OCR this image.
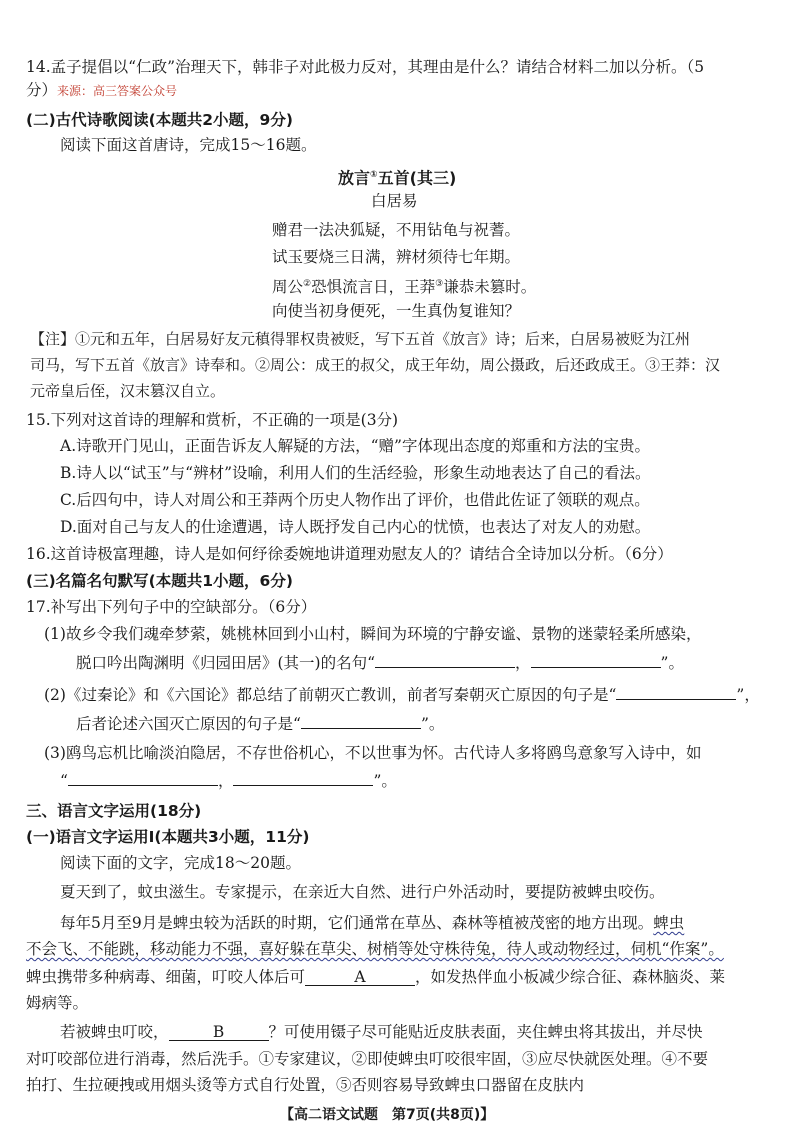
14.孟子提倡以“仁政”治理天下，韩非子对此极力反对，其理由是什么？请结合材料二加以分析。（5
分）来源：高三答案公众号
(二)古代诗歌阅读(本题共2小题，9分)
阅读下面这首唐诗，完成15～16题。
放言①五首(其三)
白居易
赠君一法决狐疑，不用钻龟与祝蓍。
试玉要烧三日满，辨材须待七年期。
周公②恐惧流言日，王莽③谦恭未篡时。
向使当初身便死，一生真伪复谁知？
【注】①元和五年，白居易好友元稹得罪权贵被贬，写下五首《放言》诗；后来，白居易被贬为江州
司马，写下五首《放言》诗奉和。②周公：成王的叔父，成王年幼，周公摄政，后还政成王。③王莽：汉
元帝皇后侄，汉末篡汉自立。
15.下列对这首诗的理解和赏析，不正确的一项是(3分)
A.诗歌开门见山，正面告诉友人解疑的方法，“赠”字体现出态度的郑重和方法的宝贵。
B.诗人以“试玉”与“辨材”设喻，利用人们的生活经验，形象生动地表达了自己的看法。
C.后四句中，诗人对周公和王莽两个历史人物作出了评价，也借此佐证了领联的观点。
D.面对自己与友人的仕途遭遇，诗人既抒发自己内心的忧愤，也表达了对友人的劝慰。
16.这首诗极富理趣，诗人是如何纾徐委婉地讲道理劝慰友人的？请结合全诗加以分析。（6分）
(三)名篇名句默写(本题共1小题，6分)
17.补写出下列句子中的空缺部分。（6分）
(1)故乡令我们魂牵梦萦，姚桃林回到小山村，瞬间为环境的宁静安谧、景物的迷蒙轻柔所感染，
脱口吟出陶渊明《归园田居》(其一)的名句“	，	”。
(2)《过秦论》和《六国论》都总结了前朝灭亡教训，前者写秦朝灭亡原因的句子是“	”，
后者论述六国灭亡原因的句子是“	”。
(3)鸥鸟忘机比喻淡泊隐居，不存世俗机心，不以世事为怀。古代诗人多将鸥鸟意象写入诗中，如
“	，	”。
三、语言文字运用(18分)
(一)语言文字运用Ⅰ(本题共3小题，11分)
阅读下面的文字，完成18～20题。
夏天到了，蚊虫滋生。专家提示，在亲近大自然、进行户外活动时，要提防被蜱虫咬伤。
每年5月至9月是蜱虫较为活跃的时期，它们通常在草丛、森林等植被茂密的地方出现。蜱虫
不会飞、不能跳，移动能力不强，喜好躲在草尖、树梢等处守株待兔，待人或动物经过，伺机“作案”。
蜱虫携带多种病毒、细菌，叮咬人体后可	A	，如发热伴血小板减少综合征、森林脑炎、莱
姆病等。
若被蜱虫叮咬，	B	？可使用镊子尽可能贴近皮肤表面，夹住蜱虫将其拔出，并尽快
对叮咬部位进行消毒，然后洗手。①专家建议，②即使蜱虫叮咬很牢固，③应尽快就医处理。④不要
拍打、生拉硬拽或用烟头烫等方式自行处置，⑤否则容易导致蜱虫口器留在皮肤内
【高二语文试题　第7页(共8页)】
